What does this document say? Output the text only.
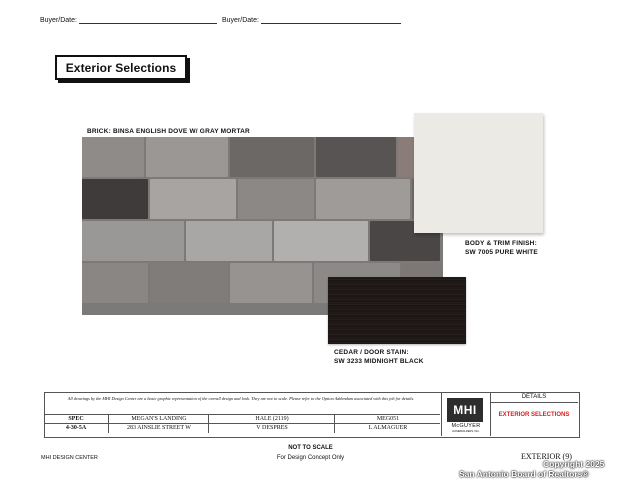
Buyer/Date:	Buyer/Date:
Exterior Selections
BRICK: BINSA ENGLISH DOVE W/ GRAY MORTAR
BODY & TRIM FINISH:
SW 7005 PURE WHITE
CEDAR / DOOR STAIN:
SW 3233 MIDNIGHT BLACK
All drawings by the MHI Design Center are a basic graphic representation of the overall design and look. They are not to scale. Please refer to the Option Addendum associated with this job for details.
SPEC	MEGAN'S LANDING	HALE (2119)	MEG051
4-30-5A	283 AINSLIE STREET W	V DESPRES	L ALMAGUER
MHI
McGUYER
HOMEBUILDERS, INC.
DETAILS
EXTERIOR SELECTIONS
NOT TO SCALE
For Design Concept Only
MHI DESIGN CENTER	EXTERIOR (9)
Copyright 2025
San Antonio Board of Realtors®
